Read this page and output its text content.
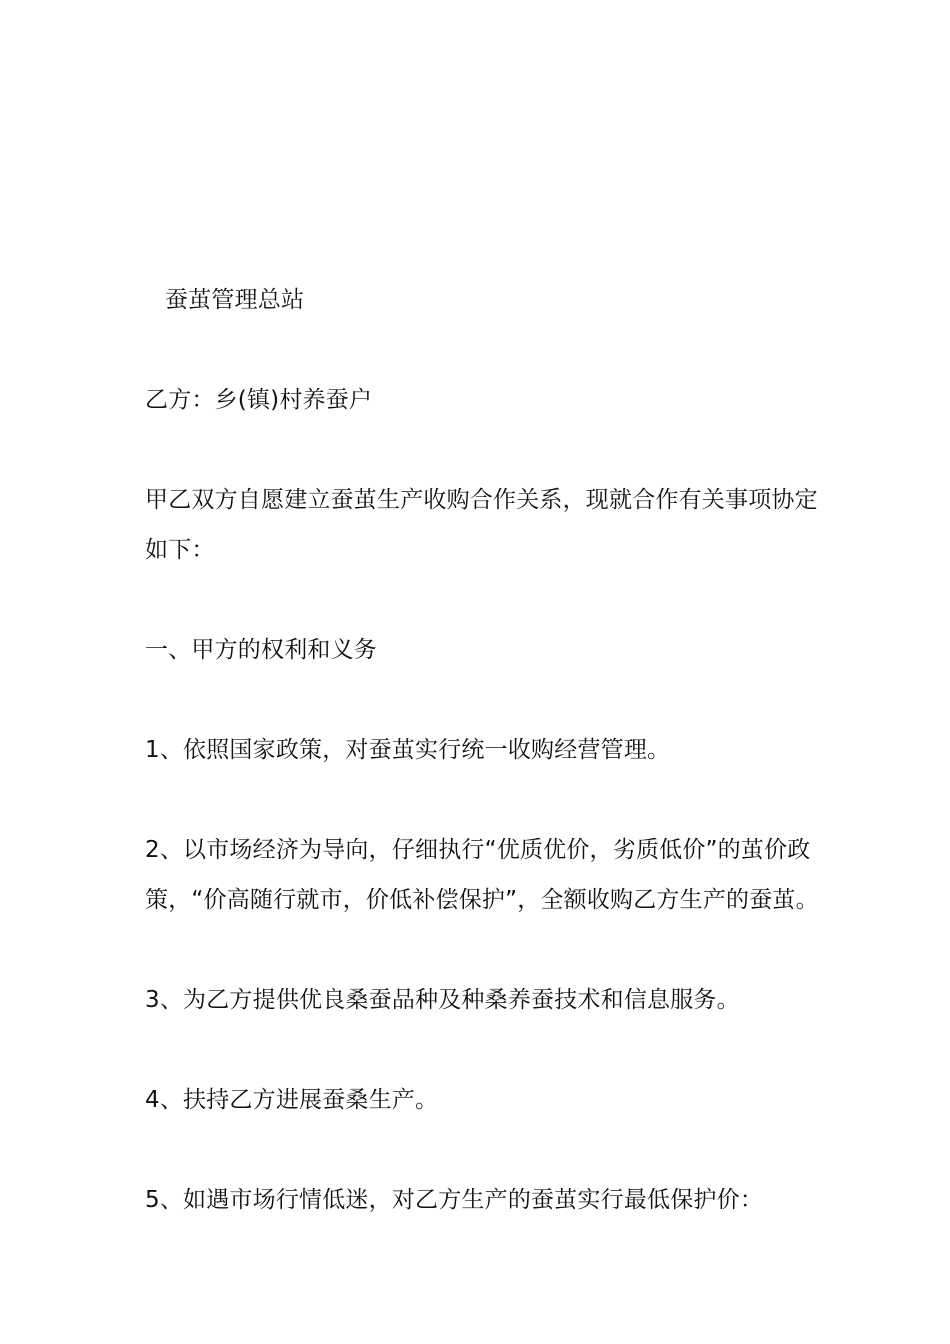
蚕茧管理总站
乙方：乡(镇)村养蚕户
甲乙双方自愿建立蚕茧生产收购合作关系，现就合作有关事项协定
如下：
一、甲方的权利和义务
1、依照国家政策，对蚕茧实行统一收购经营管理。
2、以市场经济为导向，仔细执行“优质优价，劣质低价”的茧价政
策，“价高随行就市，价低补偿保护”，全额收购乙方生产的蚕茧。
3、为乙方提供优良桑蚕品种及种桑养蚕技术和信息服务。
4、扶持乙方进展蚕桑生产。
5、如遇市场行情低迷，对乙方生产的蚕茧实行最低保护价：
